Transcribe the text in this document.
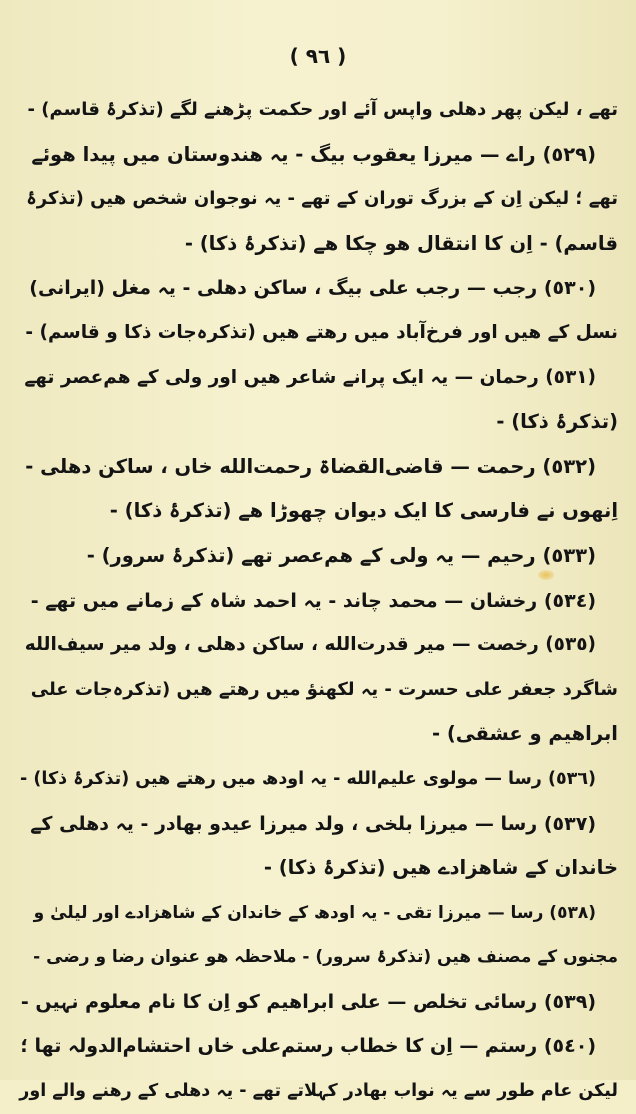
( ٩٦ )
تھے ، لیکن پھر دهلی واپس آئے اور حکمت پڑھنے لگے (تذکرۂ قاسم) -
(٥٢٩) راے — میرزا یعقوب بیگ - یہ هندوستان میں پیدا هوئے
تھے ؛ لیکن اِن کے بزرگ توران کے تھے - یہ نوجوان شخص هیں (تذکرۂ
قاسم) - اِن کا انتقال هو چکا هے (تذکرۂ ذکا) -
(٥٣٠) رجب — رجب علی بیگ ، ساکن دهلی - یہ مغل (ایرانی)
نسل کے هیں اور فرخ‌آباد میں رهتے هیں (تذکرہ‌جات ذکا و قاسم) -
(٥٣١) رحمان — یہ ایک پرانے شاعر هیں اور ولی کے هم‌عصر تھے
(تذکرۂ ذکا) -
(٥٣٢) رحمت — قاضی‌القضاۃ رحمت‌الله خاں ، ساکن دهلی -
اِنھوں نے فارسی کا ایک دیوان چھوڑا هے (تذکرۂ ذکا) -
(٥٣٣) رحیم — یہ ولی کے هم‌عصر تھے (تذکرۂ سرور) -
(٥٣٤) رخشان — محمد چاند - یہ احمد شاہ کے زمانے میں تھے -
(٥٣٥) رخصت — میر قدرت‌الله ، ساکن دهلی ، ولد میر سیف‌الله
شاگرد جعفر علی حسرت - یہ لکھنؤ میں رهتے هیں (تذکرہ‌جات علی
ابراهیم و عشقی) -
(٥٣٦) رسا — مولوی علیم‌الله - یہ اودھ میں رهتے هیں (تذکرۂ ذکا) -
(٥٣٧) رسا — میرزا بلخی ، ولد میرزا عیدو بهادر - یہ دهلی کے
خاندان کے شاهزادے هیں (تذکرۂ ذکا) -
(٥٣٨) رسا — میرزا تقی - یہ اودھ کے خاندان کے شاهزادے اور لیلیٰ و
مجنوں کے مصنف هیں (تذکرۂ سرور) - ملاحظہ هو عنوان رضا و رضی -
(٥٣٩) رسائی تخلص — علی ابراهیم کو اِن کا نام معلوم نہیں -
(٥٤٠) رستم — اِن کا خطاب رستم‌علی خاں احتشام‌الدولہ تھا ؛
لیکن عام طور سے یہ نواب بهادر کہلاتے تھے - یہ دهلی کے رهنے والے اور
